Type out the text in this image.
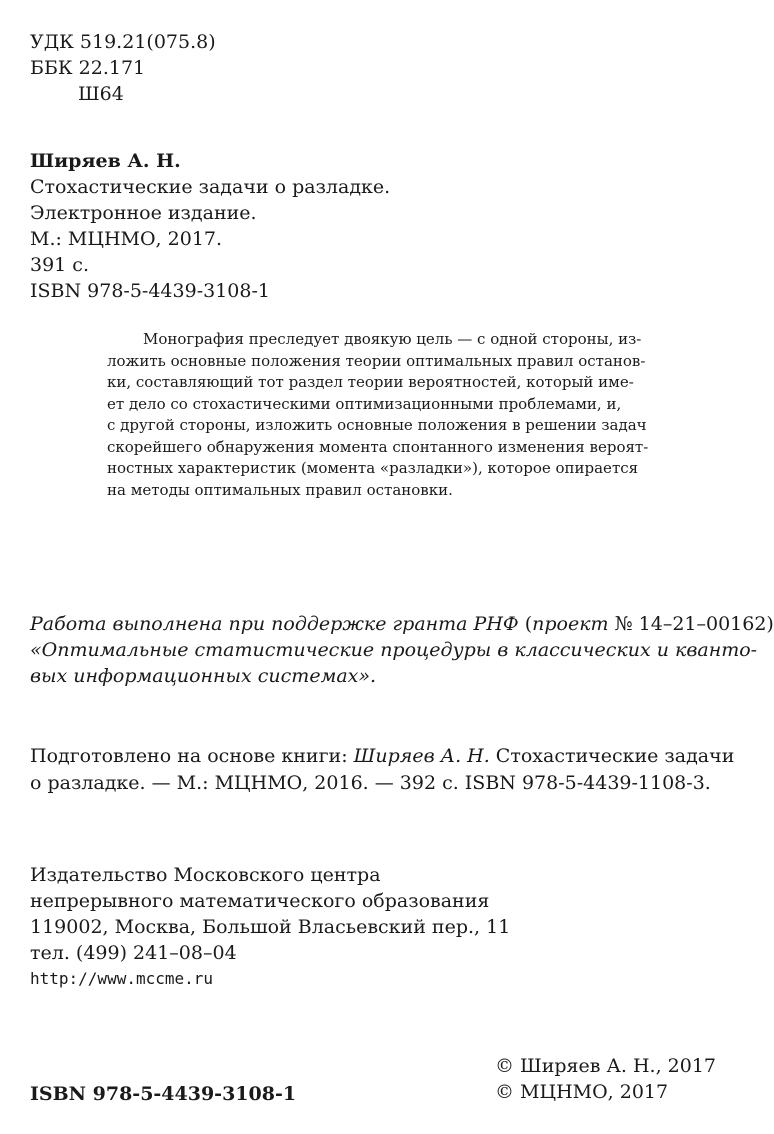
УДК 519.21(075.8)
ББК 22.171
Ш64
Ширяев А. Н.
Стохастические задачи о разладке.
Электронное издание.
М.: МЦНМО, 2017.
391 с.
ISBN 978-5-4439-3108-1
Монография преследует двоякую цель — с одной стороны, из-
ложить основные положения теории оптимальных правил останов-
ки, составляющий тот раздел теории вероятностей, который име-
ет дело со стохастическими оптимизационными проблемами, и,
с другой стороны, изложить основные положения в решении задач
скорейшего обнаружения момента спонтанного изменения вероят-
ностных характеристик (момента «разладки»), которое опирается
на методы оптимальных правил остановки.
Работа выполнена при поддержке гранта РНФ (проект № 14–21–00162)
«Оптимальные статистические процедуры в классических и кванто-
вых информационных системах».
Подготовлено на основе книги: Ширяев А. Н. Стохастические задачи
о разладке. — М.: МЦНМО, 2016. — 392 с. ISBN 978-5-4439-1108-3.
Издательство Московского центра
непрерывного математического образования
119002, Москва, Большой Власьевский пер., 11
тел. (499) 241–08–04
http://www.mccme.ru
ISBN 978-5-4439-3108-1
© Ширяев А. Н., 2017
© МЦНМО, 2017
